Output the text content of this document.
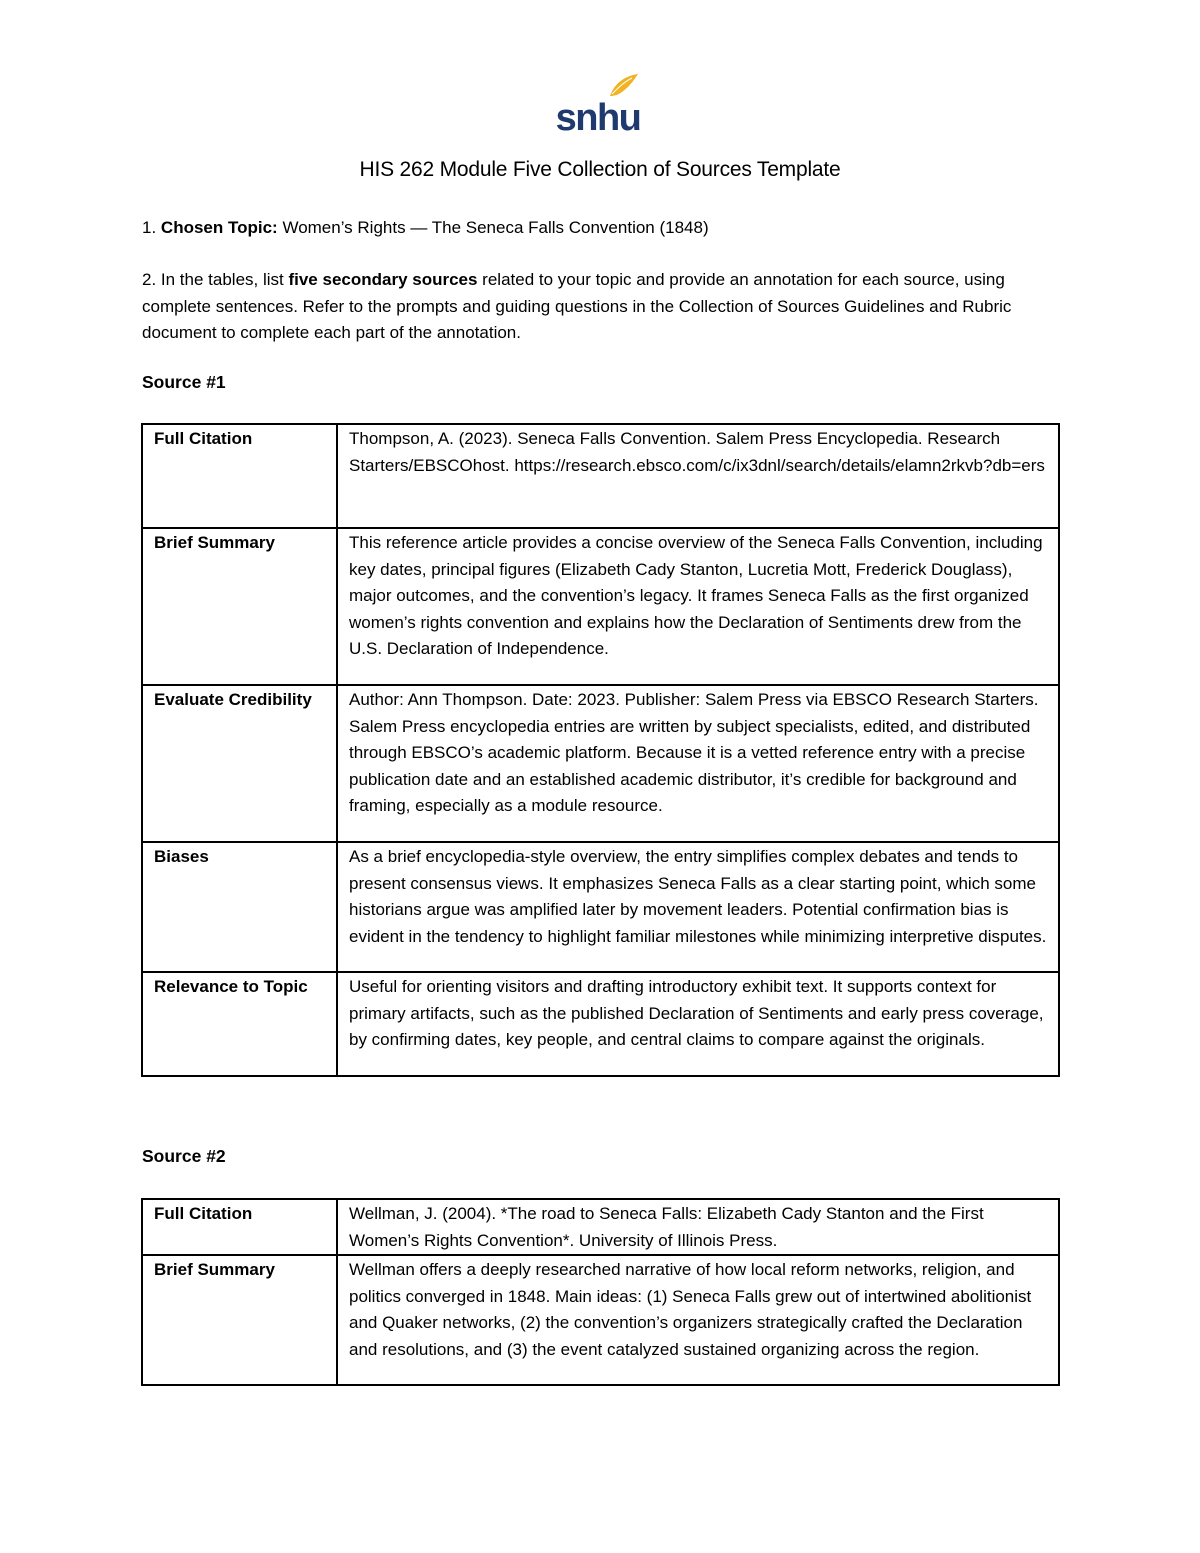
snhu
HIS 262 Module Five Collection of Sources Template
1. Chosen Topic: Women’s Rights — The Seneca Falls Convention (1848)
2. In the tables, list five secondary sources related to your topic and provide an annotation for each source, using complete sentences. Refer to the prompts and guiding questions in the Collection of Sources Guidelines and Rubric document to complete each part of the annotation.
Source #1
Full Citation	Thompson, A. (2023). Seneca Falls Convention. Salem Press Encyclopedia. Research Starters/EBSCOhost. https://research.ebsco.com/c/ix3dnl/search/details/elamn2rkvb?db=ers
Brief Summary	This reference article provides a concise overview of the Seneca Falls Convention, including key dates, principal figures (Elizabeth Cady Stanton, Lucretia Mott, Frederick Douglass), major outcomes, and the convention’s legacy. It frames Seneca Falls as the first organized women’s rights convention and explains how the Declaration of Sentiments drew from the U.S. Declaration of Independence.
Evaluate Credibility	Author: Ann Thompson. Date: 2023. Publisher: Salem Press via EBSCO Research Starters. Salem Press encyclopedia entries are written by subject specialists, edited, and distributed through EBSCO’s academic platform. Because it is a vetted reference entry with a precise publication date and an established academic distributor, it’s credible for background and framing, especially as a module resource.
Biases	As a brief encyclopedia-style overview, the entry simplifies complex debates and tends to present consensus views. It emphasizes Seneca Falls as a clear starting point, which some historians argue was amplified later by movement leaders. Potential confirmation bias is evident in the tendency to highlight familiar milestones while minimizing interpretive disputes.
Relevance to Topic	Useful for orienting visitors and drafting introductory exhibit text. It supports context for primary artifacts, such as the published Declaration of Sentiments and early press coverage, by confirming dates, key people, and central claims to compare against the originals.
Source #2
Full Citation	Wellman, J. (2004). *The road to Seneca Falls: Elizabeth Cady Stanton and the First Women’s Rights Convention*. University of Illinois Press.
Brief Summary	Wellman offers a deeply researched narrative of how local reform networks, religion, and politics converged in 1848. Main ideas: (1) Seneca Falls grew out of intertwined abolitionist and Quaker networks, (2) the convention’s organizers strategically crafted the Declaration and resolutions, and (3) the event catalyzed sustained organizing across the region.
